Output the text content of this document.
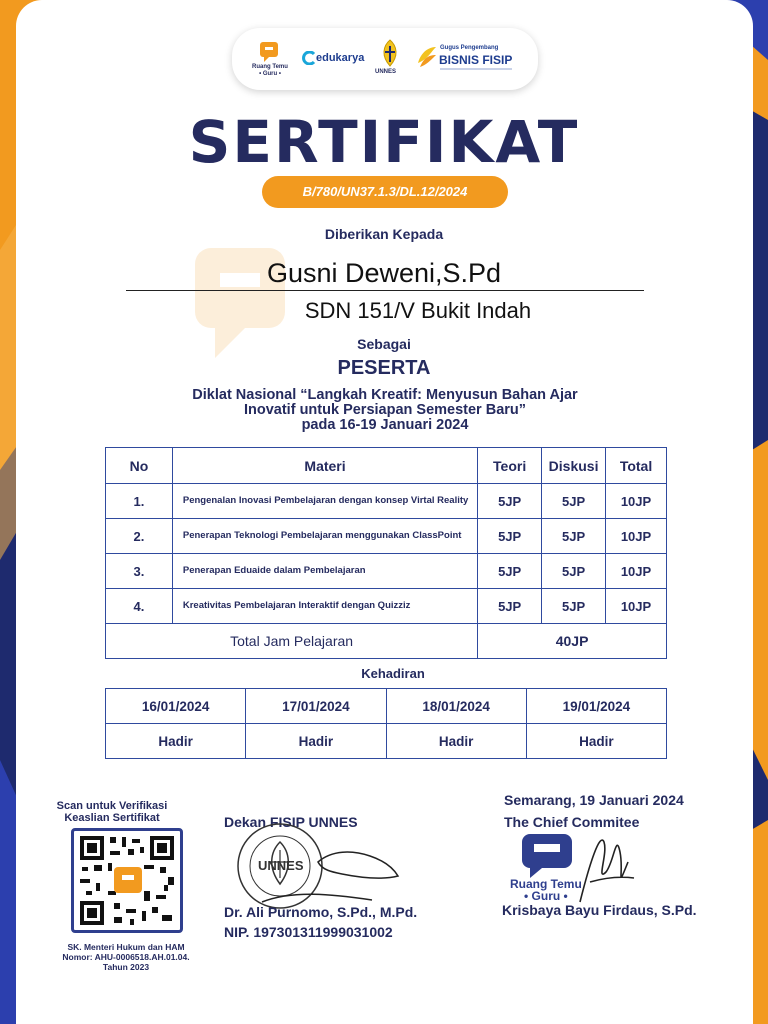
Ruang Temu
• Guru •
edukarya
UNNES
Gugus Pengembang
BISNIS FISIP
SERTIFIKAT
B/780/UN37.1.3/DL.12/2024
Diberikan Kepada
Gusni Deweni,S.Pd
SDN 151/V Bukit Indah
Sebagai
PESERTA
Diklat Nasional “Langkah Kreatif: Menyusun Bahan Ajar
Inovatif untuk Persiapan Semester Baru”
pada 16-19 Januari 2024
No	Materi	Teori	Diskusi	Total
1.	Pengenalan Inovasi Pembelajaran dengan konsep Virtal Reality	5JP	5JP	10JP
2.	Penerapan Teknologi Pembelajaran menggunakan ClassPoint	5JP	5JP	10JP
3.	Penerapan Eduaide dalam Pembelajaran	5JP	5JP	10JP
4.	Kreativitas Pembelajaran Interaktif dengan Quizziz	5JP	5JP	10JP
Total Jam Pelajaran		40JP		
Kehadiran
16/01/2024	17/01/2024	18/01/2024	19/01/2024
Hadir	Hadir	Hadir	Hadir
Scan untuk Verifikasi
Keaslian Sertifikat
SK. Menteri Hukum dan HAM
Nomor: AHU-0006518.AH.01.04.
Tahun 2023
Dekan FISIP UNNES
UNNES
Dr. Ali Purnomo, S.Pd., M.Pd.
NIP. 197301311999031002
Semarang, 19 Januari 2024
The Chief Commitee
Ruang Temu
• Guru •
Krisbaya Bayu Firdaus, S.Pd.
